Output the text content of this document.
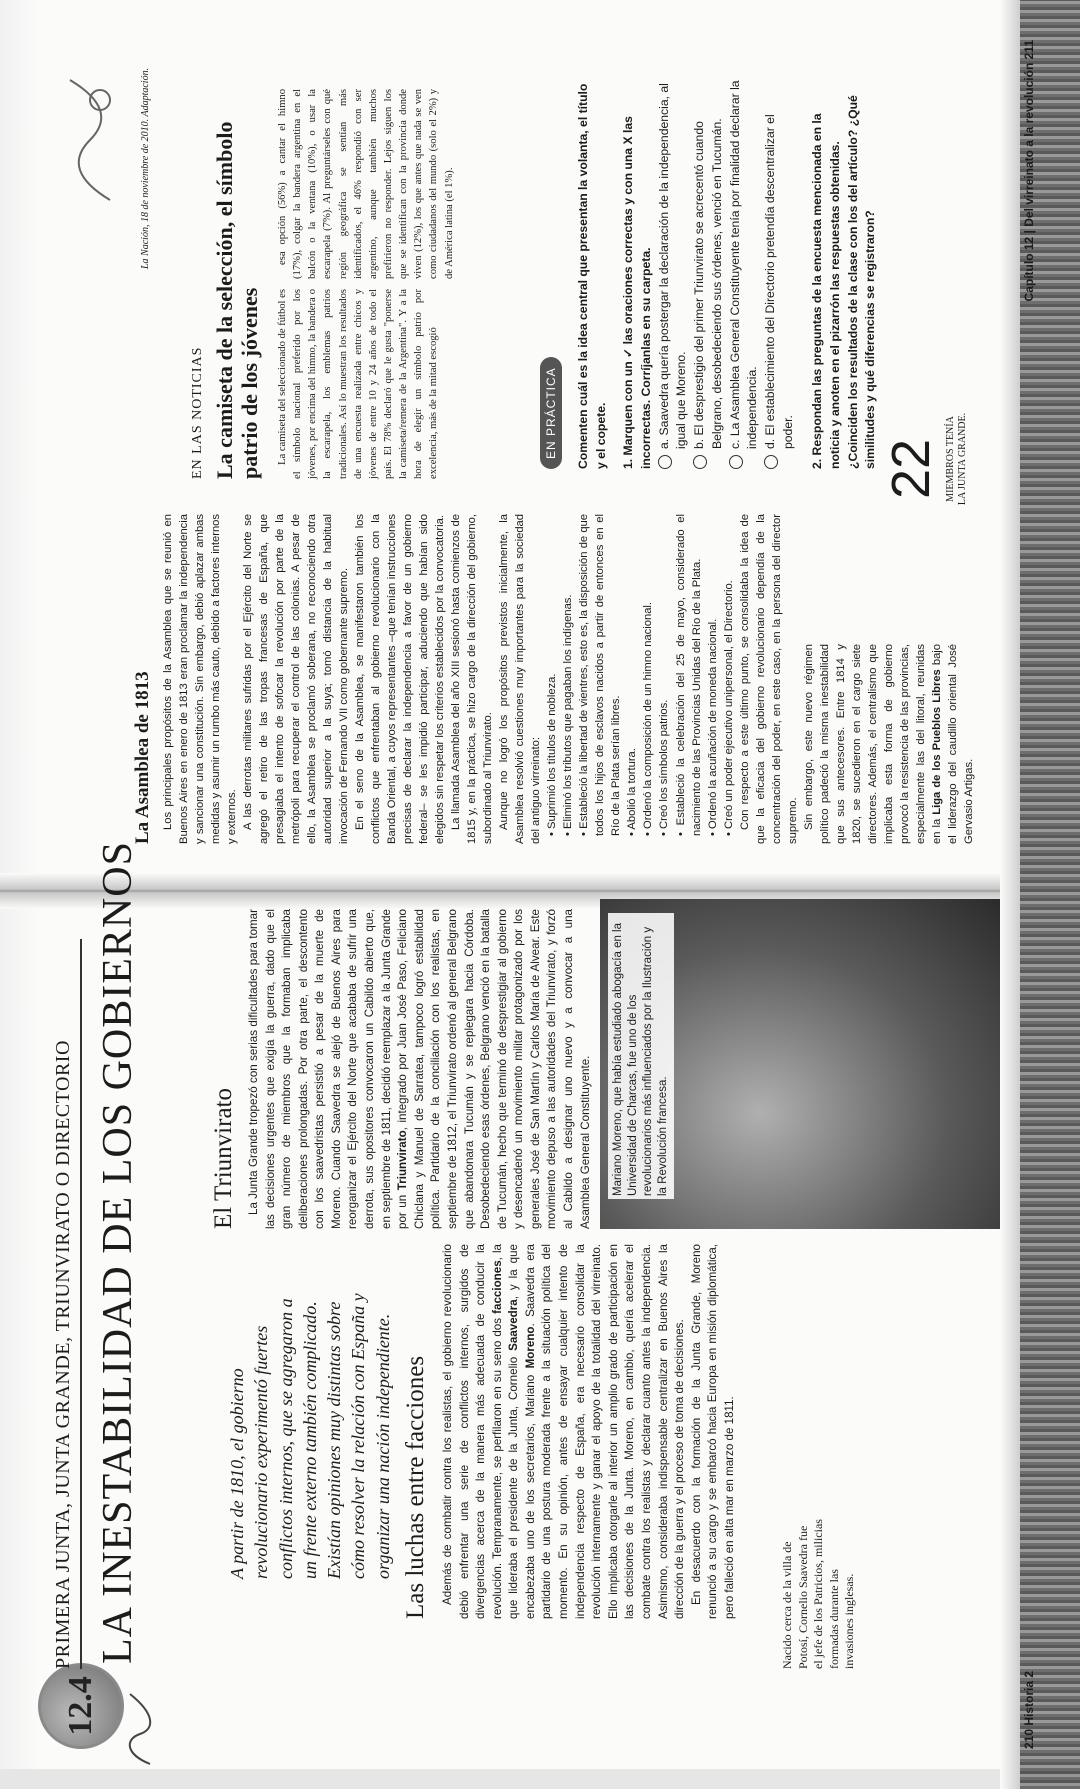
12.4
PRIMERA JUNTA, JUNTA GRANDE, TRIUNVIRATO O DIRECTORIO LA INESTABILIDAD DE LOS GOBIERNOS	A partir de 1810, el gobierno revolucionario experimentó fuertes conflictos internos, que se agregaron a un frente externo también complicado. Existían opiniones muy distintas sobre cómo resolver la relación con España y organizar una nación independiente. Las luchas entre facciones Además de combatir contra los realistas, el gobierno revolucionario debió enfrentar una serie de conflictos internos, surgidos de divergencias acerca de la manera más adecuada de conducir la revolución. Tempranamente, se perfilaron en su seno dos facciones, la que lideraba el presidente de la Junta, Cornelio Saavedra, y la que encabezaba uno de los secretarios, Mariano Moreno. Saavedra era partidario de una postura moderada frente a la situación política del momento. En su opinión, antes de ensayar cualquier intento de independencia respecto de España, era necesario consolidar la revolución internamente y ganar el apoyo de la totalidad del virreinato. Ello implicaba otorgarle al interior un amplio grado de participación en las decisiones de la Junta. Moreno, en cambio, quería acelerar el combate contra los realistas y declarar cuanto antes la independencia. Asimismo, consideraba indispensable centralizar en Buenos Aires la dirección de la guerra y el proceso de toma de decisiones. En desacuerdo con la formación de la Junta Grande, Moreno renunció a su cargo y se embarcó hacia Europa en misión diplomática, pero falleció en alta mar en marzo de 1811.	Nacido cerca de la villa de Potosí, Cornelio Saavedra fue el jefe de los Patricios, milicias formadas durante las invasiones inglesas.
El Triunvirato La Junta Grande tropezó con serias dificultades para tomar las decisiones urgentes que exigía la guerra, dado que el gran número de miembros que la formaban implicaba deliberaciones prolongadas. Por otra parte, el descontento con los saavedristas persistió a pesar de la muerte de Moreno. Cuando Saavedra se alejó de Buenos Aires para reorganizar el Ejército del Norte que acababa de sufrir una derrota, sus opositores convocaron un Cabildo abierto que, en septiembre de 1811, decidió reemplazar a la Junta Grande por un Triunvirato, integrado por Juan José Paso, Feliciano Chiclana y Manuel de Sarratea, tampoco logró estabilidad política. Partidario de la conciliación con los realistas, en septiembre de 1812, el Triunvirato ordenó al general Belgrano que abandonara Tucumán y se replegara hacia Córdoba. Desobedeciendo esas órdenes, Belgrano venció en la batalla de Tucumán, hecho que terminó de desprestigiar al gobierno y desencadenó un movimiento militar protagonizado por los generales José de San Martín y Carlos María de Alvear. Este movimiento depuso a las autoridades del Triunvirato, y forzó al Cabildo a designar uno nuevo y a convocar a una Asamblea General Constituyente.	Mariano Moreno, que había estudiado abogacía en la Universidad de Charcas, fue uno de los revolucionarios más influenciados por la Ilustración y la Revolución francesa.
210 Historia 2
La Asamblea de 1813 Los principales propósitos de la Asamblea que se reunió en Buenos Aires en enero de 1813 eran proclamar la independencia y sancionar una constitución. Sin embargo, debió aplazar ambas medidas y asumir un rumbo más cauto, debido a factores internos y externos. A las derrotas militares sufridas por el Ejército del Norte se agregó el retiro de las tropas francesas de España, que presagiaba el intento de sofocar la revolución por parte de la metrópoli para recuperar el control de las colonias. A pesar de ello, la Asamblea se proclamó soberana, no reconociendo otra autoridad superior a la suya; tomó distancia de la habitual invocación de Fernando VII como gobernante supremo. En el seno de la Asamblea, se manifestaron también los conflictos que enfrentaban al gobierno revolucionario con la Banda Oriental, a cuyos representantes –que tenían instrucciones precisas de declarar la independencia a favor de un gobierno federal– se les impidió participar, aduciendo que habían sido elegidos sin respetar los criterios establecidos por la convocatoria. La llamada Asamblea del año XIII sesionó hasta comienzos de 1815 y, en la práctica, se hizo cargo de la dirección del gobierno, subordinado al Triunvirato. Aunque no logró los propósitos previstos inicialmente, la Asamblea resolvió cuestiones muy importantes para la sociedad del antiguo virreinato: • Suprimió los títulos de nobleza.

• Eliminó los tributos que pagaban los indígenas.

• Estableció la libertad de vientres, esto es, la disposición de que todos los hijos de esclavos nacidos a partir de entonces en el Río de la Plata serían libres. • Abolió la tortura.

• Ordenó la composición de un himno nacional.

• Creó los símbolos patrios.

• Estableció la celebración del 25 de mayo, considerado el nacimiento de las Provincias Unidas del Río de la Plata. • Ordenó la acuñación de moneda nacional.

• Creó un poder ejecutivo unipersonal, el Directorio. Con respecto a este último punto, se consolidaba la idea de que la eficacia del gobierno revolucionario dependía de la concentración del poder, en este caso, en la persona del director supremo. Sin embargo, este nuevo régimen político padeció la misma inestabilidad que sus antecesores. Entre 1814 y 1820, se sucedieron en el cargo siete directores. Además, el centralismo que implicaba esta forma de gobierno provocó la resistencia de las provincias, especialmente las del litoral, reunidas en la Liga de los Pueblos Libres bajo el liderazgo del caudillo oriental José Gervasio Artigas.

22 MIEMBROS TENÍA LA JUNTA GRANDE.
EN LAS NOTICIAS La camiseta de la selección, el símbolo patrio de los jóvenes
La Nación, 18 de noviembre de 2010. Adaptación.

La camiseta del seleccionado de fútbol es el símbolo nacional preferido por los jóvenes, por encima del himno, la bandera o la escarapela, los emblemas patrios tradicionales. Así lo muestran los resultados de una encuesta realizada entre chicos y jóvenes de entre 10 y 24 años de todo el país. El 78% declaró que le gusta "ponerse la camiseta/remera de la Argentina". Y a la hora de elegir un símbolo patrio por excelencia, más de la mitad escogió

esa opción (56%) a cantar el himno (17%), colgar la bandera argentina en el balcón o la ventana (10%), o usar la escarapela (7%). Al preguntárseles con qué región geográfica se sentían más identificados, el 46% respondió con ser argentino, aunque también muchos prefirieron no responder. Lejos siguen los que se identifican con la provincia donde viven (12%), los que antes que nada se ven como ciudadanos del mundo (solo el 2%) y de América latina (el 1%).

EN PRÁCTICA	Comenten cuál es la idea central que presentan la volanta, el título y el copete. 1. Marquen con un ✓ las oraciones correctas y con una X las incorrectas. Corríjanlas en su carpeta. a. Saavedra quería postergar la declaración de la independencia, al igual que Moreno. b. El desprestigio del primer Triunvirato se acrecentó cuando Belgrano, desobedeciendo sus órdenes, venció en Tucumán. c. La Asamblea General Constituyente tenía por finalidad declarar la independencia. d. El establecimiento del Directorio pretendía descentralizar el poder. 2. Respondan las preguntas de la encuesta mencionada en la noticia y anoten en el pizarrón las respuestas obtenidas. ¿Coinciden los resultados de la clase con los del artículo? ¿Qué similitudes y qué diferencias se registraron?
Capítulo 12 | Del virreinato a la revolución 211
